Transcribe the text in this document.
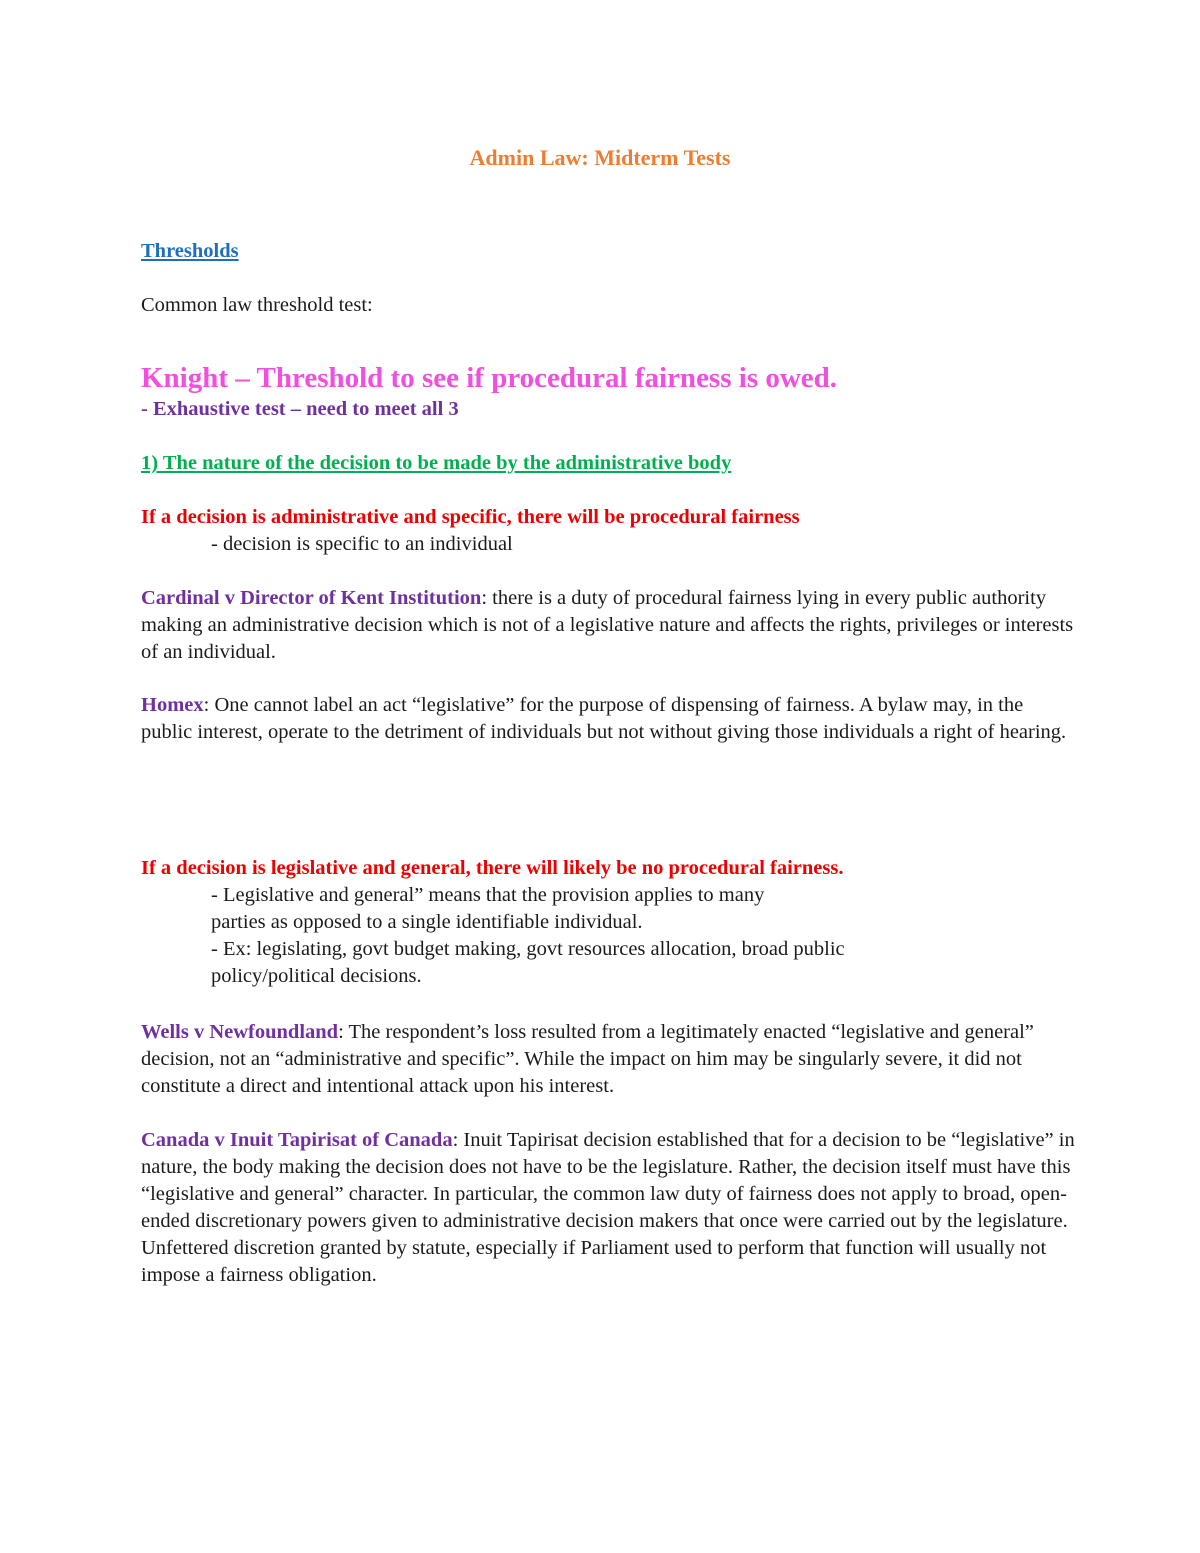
Admin Law: Midterm Tests

Thresholds

Common law threshold test:

Knight – Threshold to see if procedural fairness is owed.

- Exhaustive test – need to meet all 3

1) The nature of the decision to be made by the administrative body

If a decision is administrative and specific, there will be procedural fairness

- decision is specific to an individual

Cardinal v Director of Kent Institution: there is a duty of procedural fairness lying in every public authority making an administrative decision which is not of a legislative nature and affects the rights, privileges or interests of an individual.

Homex: One cannot label an act “legislative” for the purpose of dispensing of fairness. A bylaw may, in the public interest, operate to the detriment of individuals but not without giving those individuals a right of hearing.

If a decision is legislative and general, there will likely be no procedural fairness.

- Legislative and general” means that the provision applies to many

parties as opposed to a single identifiable individual.

- Ex: legislating, govt budget making, govt resources allocation, broad public

policy/political decisions.

Wells v Newfoundland: The respondent’s loss resulted from a legitimately enacted “legislative and general” decision, not an “administrative and specific”. While the impact on him may be singularly severe, it did not constitute a direct and intentional attack upon his interest.

Canada v Inuit Tapirisat of Canada: Inuit Tapirisat decision established that for a decision to be “legislative” in nature, the body making the decision does not have to be the legislature. Rather, the decision itself must have this “legislative and general” character. In particular, the common law duty of fairness does not apply to broad, open-ended discretionary powers given to administrative decision makers that once were carried out by the legislature. Unfettered discretion granted by statute, especially if Parliament used to perform that function will usually not impose a fairness obligation.
